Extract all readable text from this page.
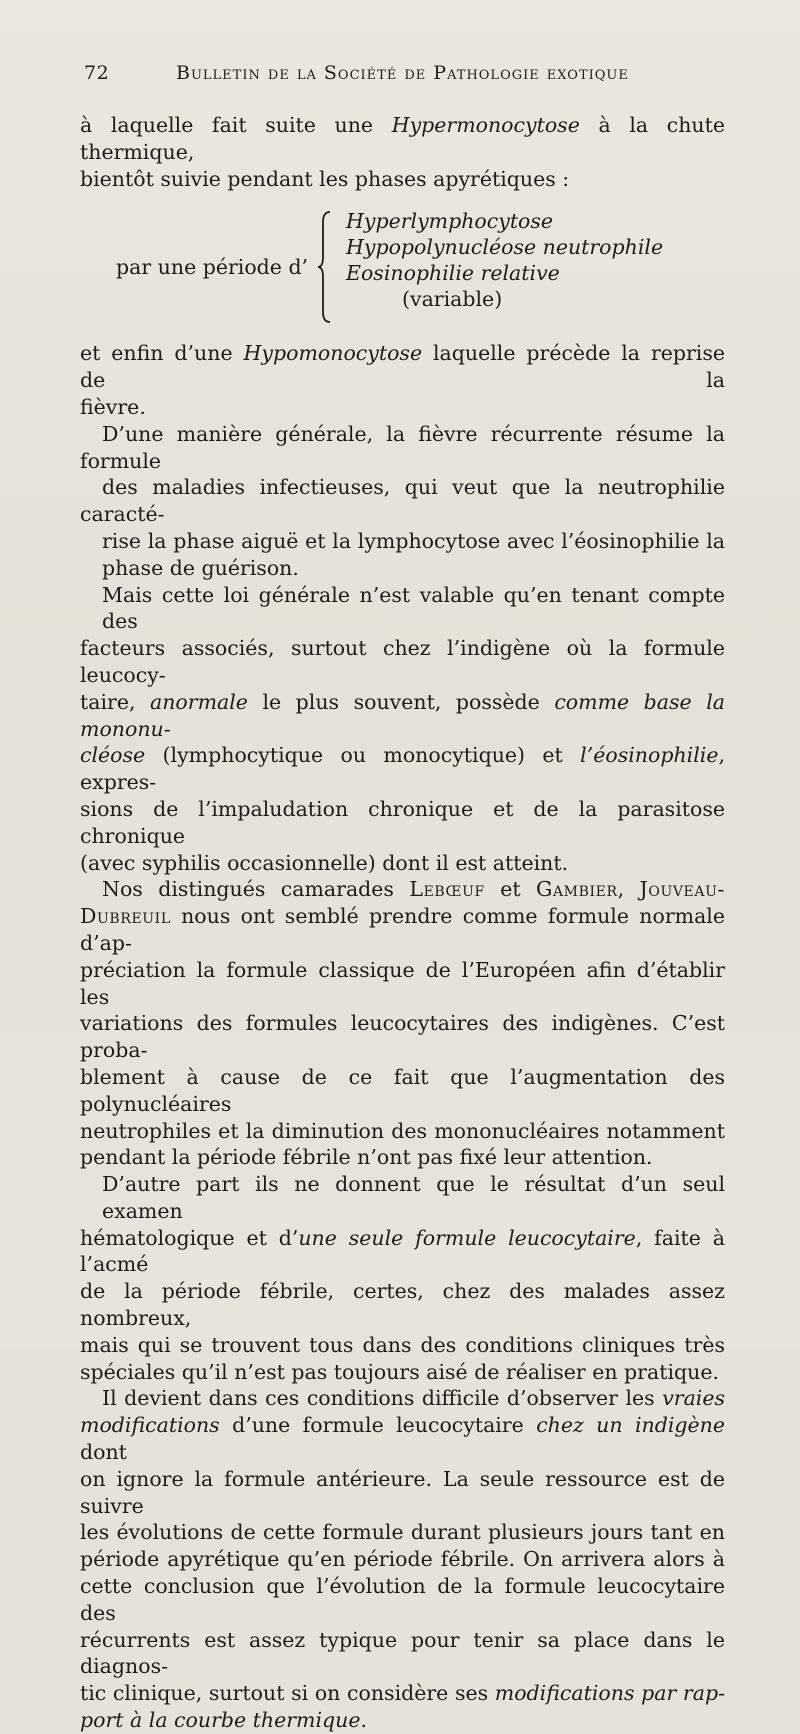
72	Bulletin de la Société de Pathologie exotique

à laquelle fait suite une Hypermonocytose à la chute thermique,
bientôt suivie pendant les phases apyrétiques :

par une période d’
Hyperlymphocytose
Hypopolynucléose neutrophile
Eosinophilie relative
(variable)

et enfin d’une Hypomonocytose laquelle précède la reprise de la
fièvre.

D’une manière générale, la fièvre récurrente résume la formule
des maladies infectieuses, qui veut que la neutrophilie caracté-
rise la phase aiguë et la lymphocytose avec l’éosinophilie la
phase de guérison.

Mais cette loi générale n’est valable qu’en tenant compte des
facteurs associés, surtout chez l’indigène où la formule leucocy-
taire, anormale le plus souvent, possède comme base la mononu-
cléose (lymphocytique ou monocytique) et l’éosinophilie, expres-
sions de l’impaludation chronique et de la parasitose chronique
(avec syphilis occasionnelle) dont il est atteint.

Nos distingués camarades Lebœuf et Gambier, Jouveau-
Dubreuil nous ont semblé prendre comme formule normale d’ap-
préciation la formule classique de l’Européen afin d’établir les
variations des formules leucocytaires des indigènes. C’est proba-
blement à cause de ce fait que l’augmentation des polynucléaires
neutrophiles et la diminution des mononucléaires notamment
pendant la période fébrile n’ont pas fixé leur attention.

D’autre part ils ne donnent que le résultat d’un seul examen
hématologique et d’une seule formule leucocytaire, faite à l’acmé
de la période fébrile, certes, chez des malades assez nombreux,
mais qui se trouvent tous dans des conditions cliniques très
spéciales qu’il n’est pas toujours aisé de réaliser en pratique.

Il devient dans ces conditions difficile d’observer les vraies
modifications d’une formule leucocytaire chez un indigène dont
on ignore la formule antérieure. La seule ressource est de suivre
les évolutions de cette formule durant plusieurs jours tant en
période apyrétique qu’en période fébrile. On arrivera alors à
cette conclusion que l’évolution de la formule leucocytaire des
récurrents est assez typique pour tenir sa place dans le diagnos-
tic clinique, surtout si on considère ses modifications par rap-
port à la courbe thermique.
